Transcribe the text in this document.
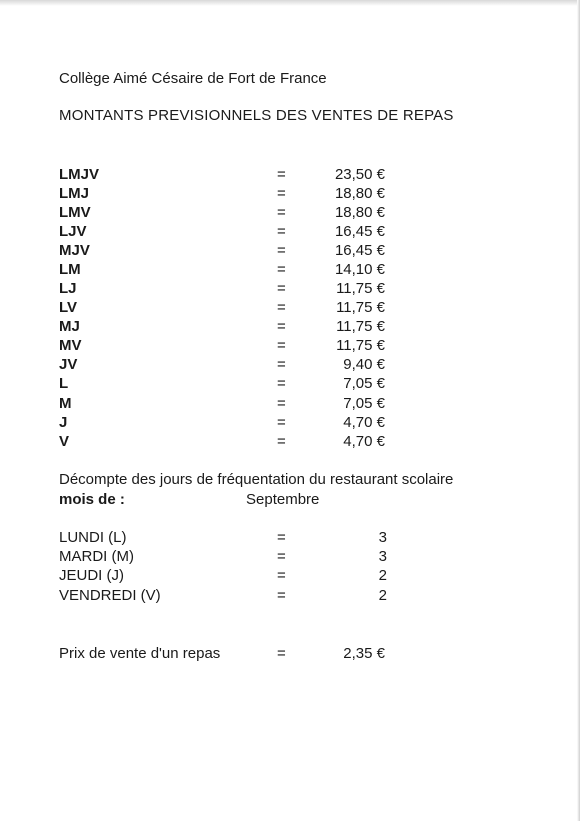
Collège Aimé Césaire de Fort de France
MONTANTS PREVISIONNELS DES VENTES DE REPAS
LMJV	=	23,50 €
LMJ	=	18,80 €
LMV	=	18,80 €
LJV	=	16,45 €
MJV	=	16,45 €
LM	=	14,10 €
LJ	=	11,75 €
LV	=	11,75 €
MJ	=	11,75 €
MV	=	11,75 €
JV	=	9,40 €
L	=	7,05 €
M	=	7,05 €
J	=	4,70 €
V	=	4,70 €
Décompte des jours de fréquentation du restaurant scolaire
mois de :	Septembre
LUNDI (L)	=	3
MARDI (M)	=	3
JEUDI (J)	=	2
VENDREDI (V)	=	2
Prix de vente d'un repas	=	2,35 €
